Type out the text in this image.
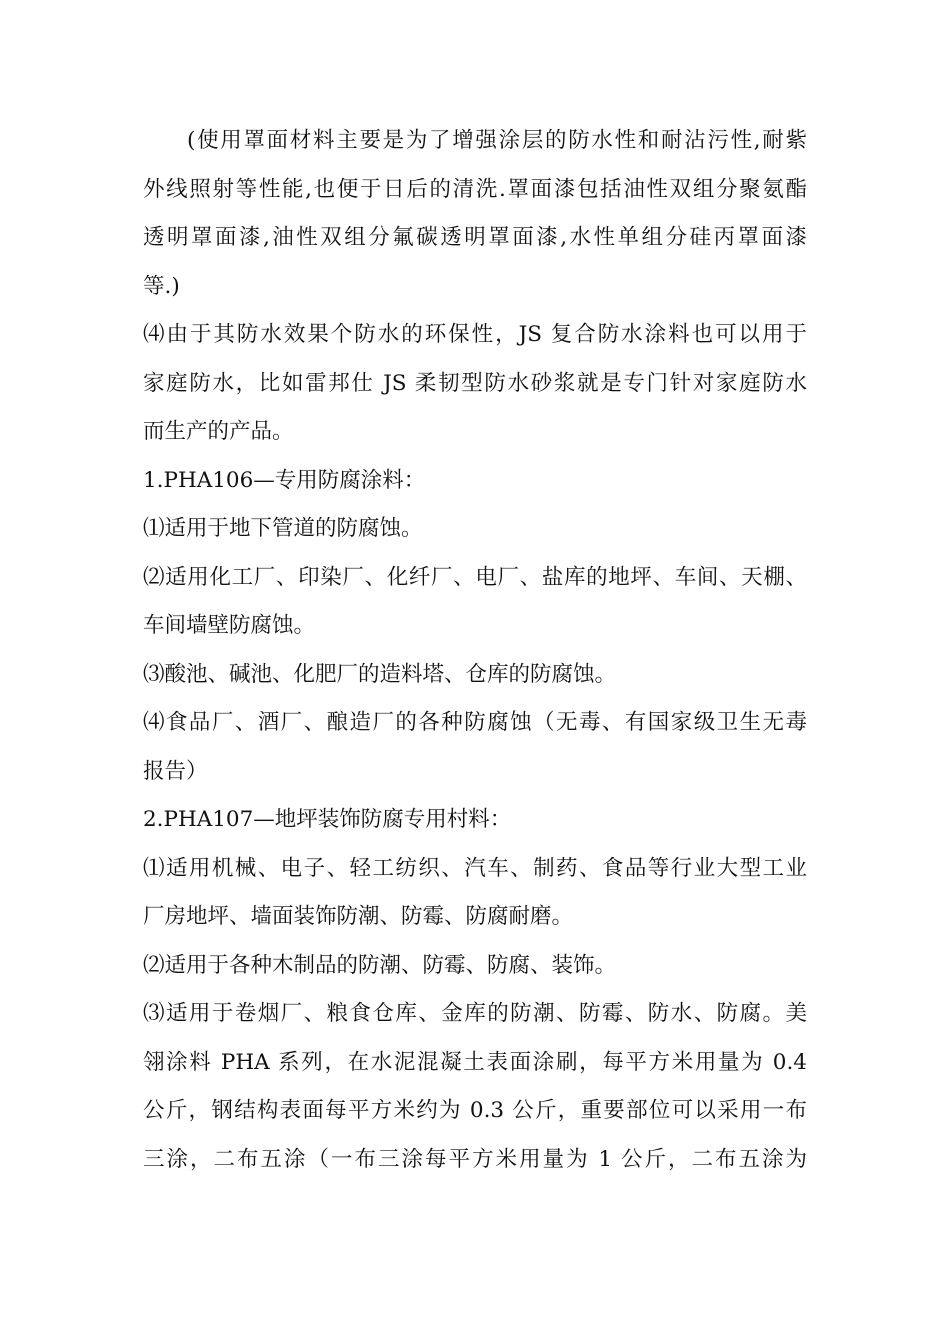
(使用罩面材料主要是为了增强涂层的防水性和耐沾污性,耐紫
外线照射等性能,也便于日后的清洗.罩面漆包括油性双组分聚氨酯
透明罩面漆,油性双组分氟碳透明罩面漆,水性单组分硅丙罩面漆
等.)
⑷由于其防水效果个防水的环保性，JS 复合防水涂料也可以用于
家庭防水，比如雷邦仕 JS 柔韧型防水砂浆就是专门针对家庭防水
而生产的产品。
1.PHA106—专用防腐涂料：
⑴适用于地下管道的防腐蚀。
⑵适用化工厂、印染厂、化纤厂、电厂、盐库的地坪、车间、天棚、
车间墙壁防腐蚀。
⑶酸池、碱池、化肥厂的造料塔、仓库的防腐蚀。
⑷食品厂、酒厂、酿造厂的各种防腐蚀（无毒、有国家级卫生无毒
报告）
2.PHA107—地坪装饰防腐专用村料：
⑴适用机械、电子、轻工纺织、汽车、制药、食品等行业大型工业
厂房地坪、墙面装饰防潮、防霉、防腐耐磨。
⑵适用于各种木制品的防潮、防霉、防腐、装饰。
⑶适用于卷烟厂、粮食仓库、金库的防潮、防霉、防水、防腐。美
翎涂料 PHA 系列，在水泥混凝土表面涂刷，每平方米用量为 0.4
公斤，钢结构表面每平方米约为 0.3 公斤，重要部位可以采用一布
三涂，二布五涂（一布三涂每平方米用量为 1 公斤，二布五涂为
